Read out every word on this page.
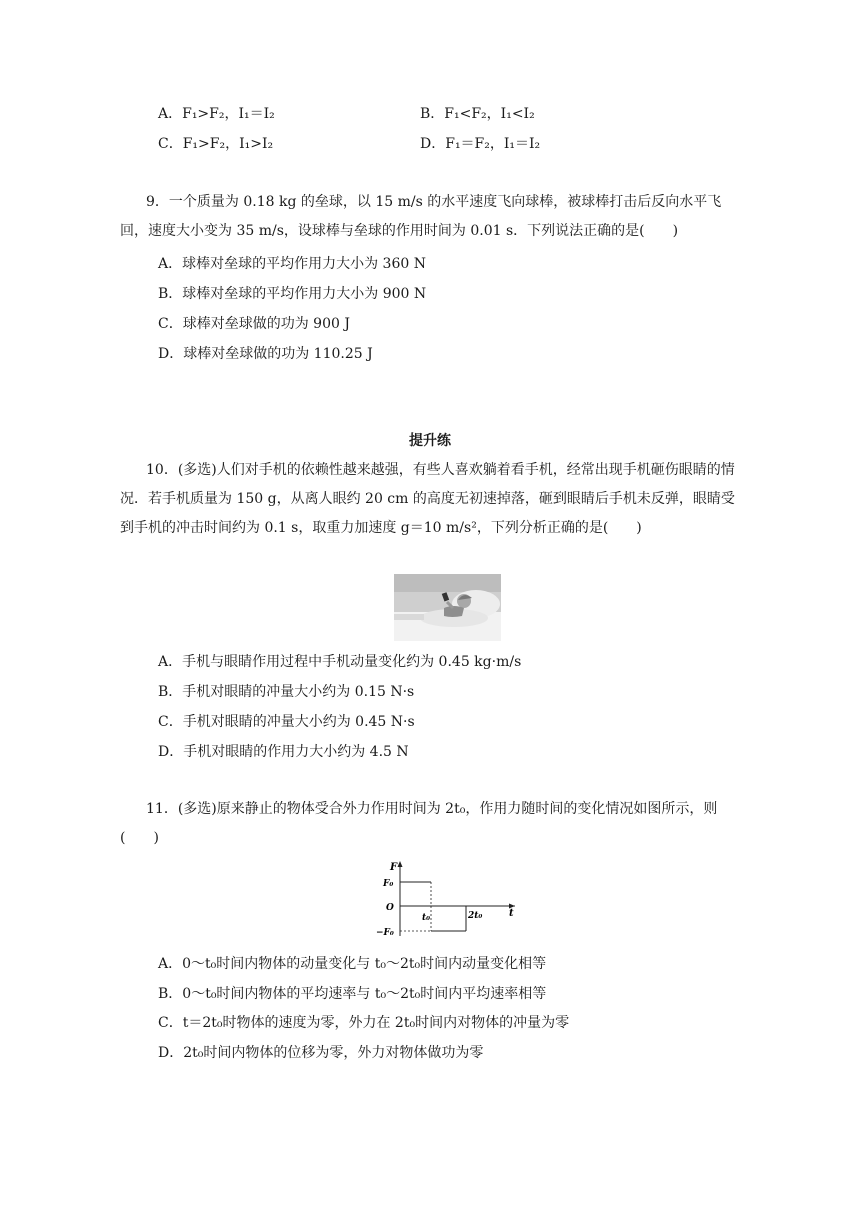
A．F₁>F₂，I₁＝I₂	B．F₁<F₂，I₁<I₂
C．F₁>F₂，I₁>I₂	D．F₁＝F₂，I₁＝I₂

9．一个质量为 0.18 kg 的垒球，以 15 m/s 的水平速度飞向球棒，被球棒打击后反向水平飞回，速度大小变为 35 m/s，设球棒与垒球的作用时间为 0.01 s．下列说法正确的是(　　)

A．球棒对垒球的平均作用力大小为 360 N
B．球棒对垒球的平均作用力大小为 900 N
C．球棒对垒球做的功为 900 J
D．球棒对垒球做的功为 110.25 J
提升练

10．(多选)人们对手机的依赖性越来越强，有些人喜欢躺着看手机，经常出现手机砸伤眼睛的情况．若手机质量为 150 g，从离人眼约 20 cm 的高度无初速掉落，砸到眼睛后手机未反弹，眼睛受到手机的冲击时间约为 0.1 s，取重力加速度 g＝10 m/s²，下列分析正确的是(　　)

A．手机与眼睛作用过程中手机动量变化约为 0.45 kg·m/s
B．手机对眼睛的冲量大小约为 0.15 N·s
C．手机对眼睛的冲量大小约为 0.45 N·s
D．手机对眼睛的作用力大小约为 4.5 N

11．(多选)原来静止的物体受合外力作用时间为 2t₀，作用力随时间的变化情况如图所示，则　(　　)

F
F₀
O
−F₀
t₀	2t₀	t
A．0～t₀时间内物体的动量变化与 t₀～2t₀时间内动量变化相等
B．0～t₀时间内物体的平均速率与 t₀～2t₀时间内平均速率相等
C．t＝2t₀时物体的速度为零，外力在 2t₀时间内对物体的冲量为零
D．2t₀时间内物体的位移为零，外力对物体做功为零
